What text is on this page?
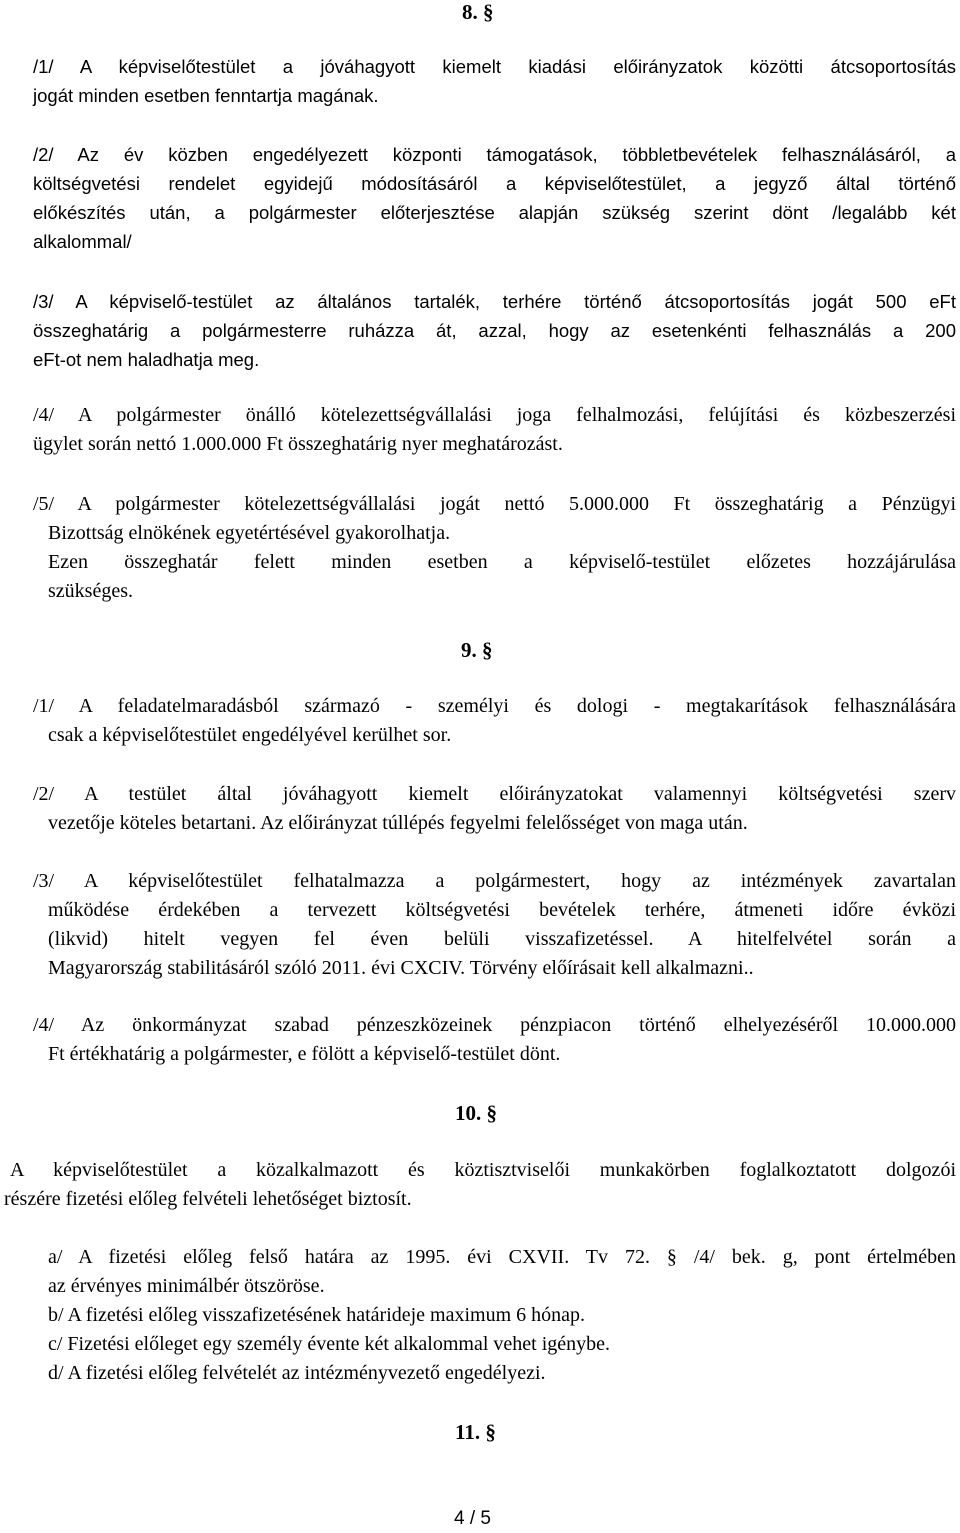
8. §
/1/ A képviselőtestület a jóváhagyott kiemelt kiadási előirányzatok közötti átcsoportosítás
jogát minden esetben fenntartja magának.
/2/ Az év közben engedélyezett központi támogatások, többletbevételek felhasználásáról, a
költségvetési rendelet egyidejű módosításáról a képviselőtestület, a jegyző által történő
előkészítés után, a polgármester előterjesztése alapján szükség szerint dönt /legalább két
alkalommal/
/3/ A képviselő-testület az általános tartalék, terhére történő átcsoportosítás jogát 500 eFt
összeghatárig a polgármesterre ruházza át, azzal, hogy az esetenkénti felhasználás a 200
eFt-ot nem haladhatja meg.
/4/ A polgármester önálló kötelezettségvállalási joga felhalmozási, felújítási és közbeszerzési
ügylet során nettó 1.000.000 Ft összeghatárig nyer meghatározást.
/5/ A polgármester kötelezettségvállalási jogát nettó 5.000.000 Ft összeghatárig a Pénzügyi
Bizottság elnökének egyetértésével gyakorolhatja.
Ezen összeghatár felett minden esetben a képviselő-testület előzetes hozzájárulása
szükséges.
9. §
/1/ A feladatelmaradásból származó - személyi és dologi - megtakarítások felhasználására
csak a képviselőtestület engedélyével kerülhet sor.
/2/ A testület által jóváhagyott kiemelt előirányzatokat valamennyi költségvetési szerv
vezetője köteles betartani. Az előirányzat túllépés fegyelmi felelősséget von maga után.
/3/ A képviselőtestület felhatalmazza a polgármestert, hogy az intézmények zavartalan
működése érdekében a tervezett költségvetési bevételek terhére, átmeneti időre évközi
(likvid) hitelt vegyen fel éven belüli visszafizetéssel. A hitelfelvétel során a
Magyarország stabilitásáról szóló 2011. évi CXCIV. Törvény előírásait kell alkalmazni..
/4/ Az önkormányzat szabad pénzeszközeinek pénzpiacon történő elhelyezéséről 10.000.000
Ft értékhatárig a polgármester, e fölött a képviselő-testület dönt.
10. §
A képviselőtestület a közalkalmazott és köztisztviselői munkakörben foglalkoztatott dolgozói
részére fizetési előleg felvételi lehetőséget biztosít.
a/ A fizetési előleg felső határa az 1995. évi CXVII. Tv 72. § /4/ bek. g, pont értelmében
az érvényes minimálbér ötszöröse.
b/ A fizetési előleg visszafizetésének határideje maximum 6 hónap.
c/ Fizetési előleget egy személy évente két alkalommal vehet igénybe.
d/ A fizetési előleg felvételét az intézményvezető engedélyezi.
11. §
4 / 5
